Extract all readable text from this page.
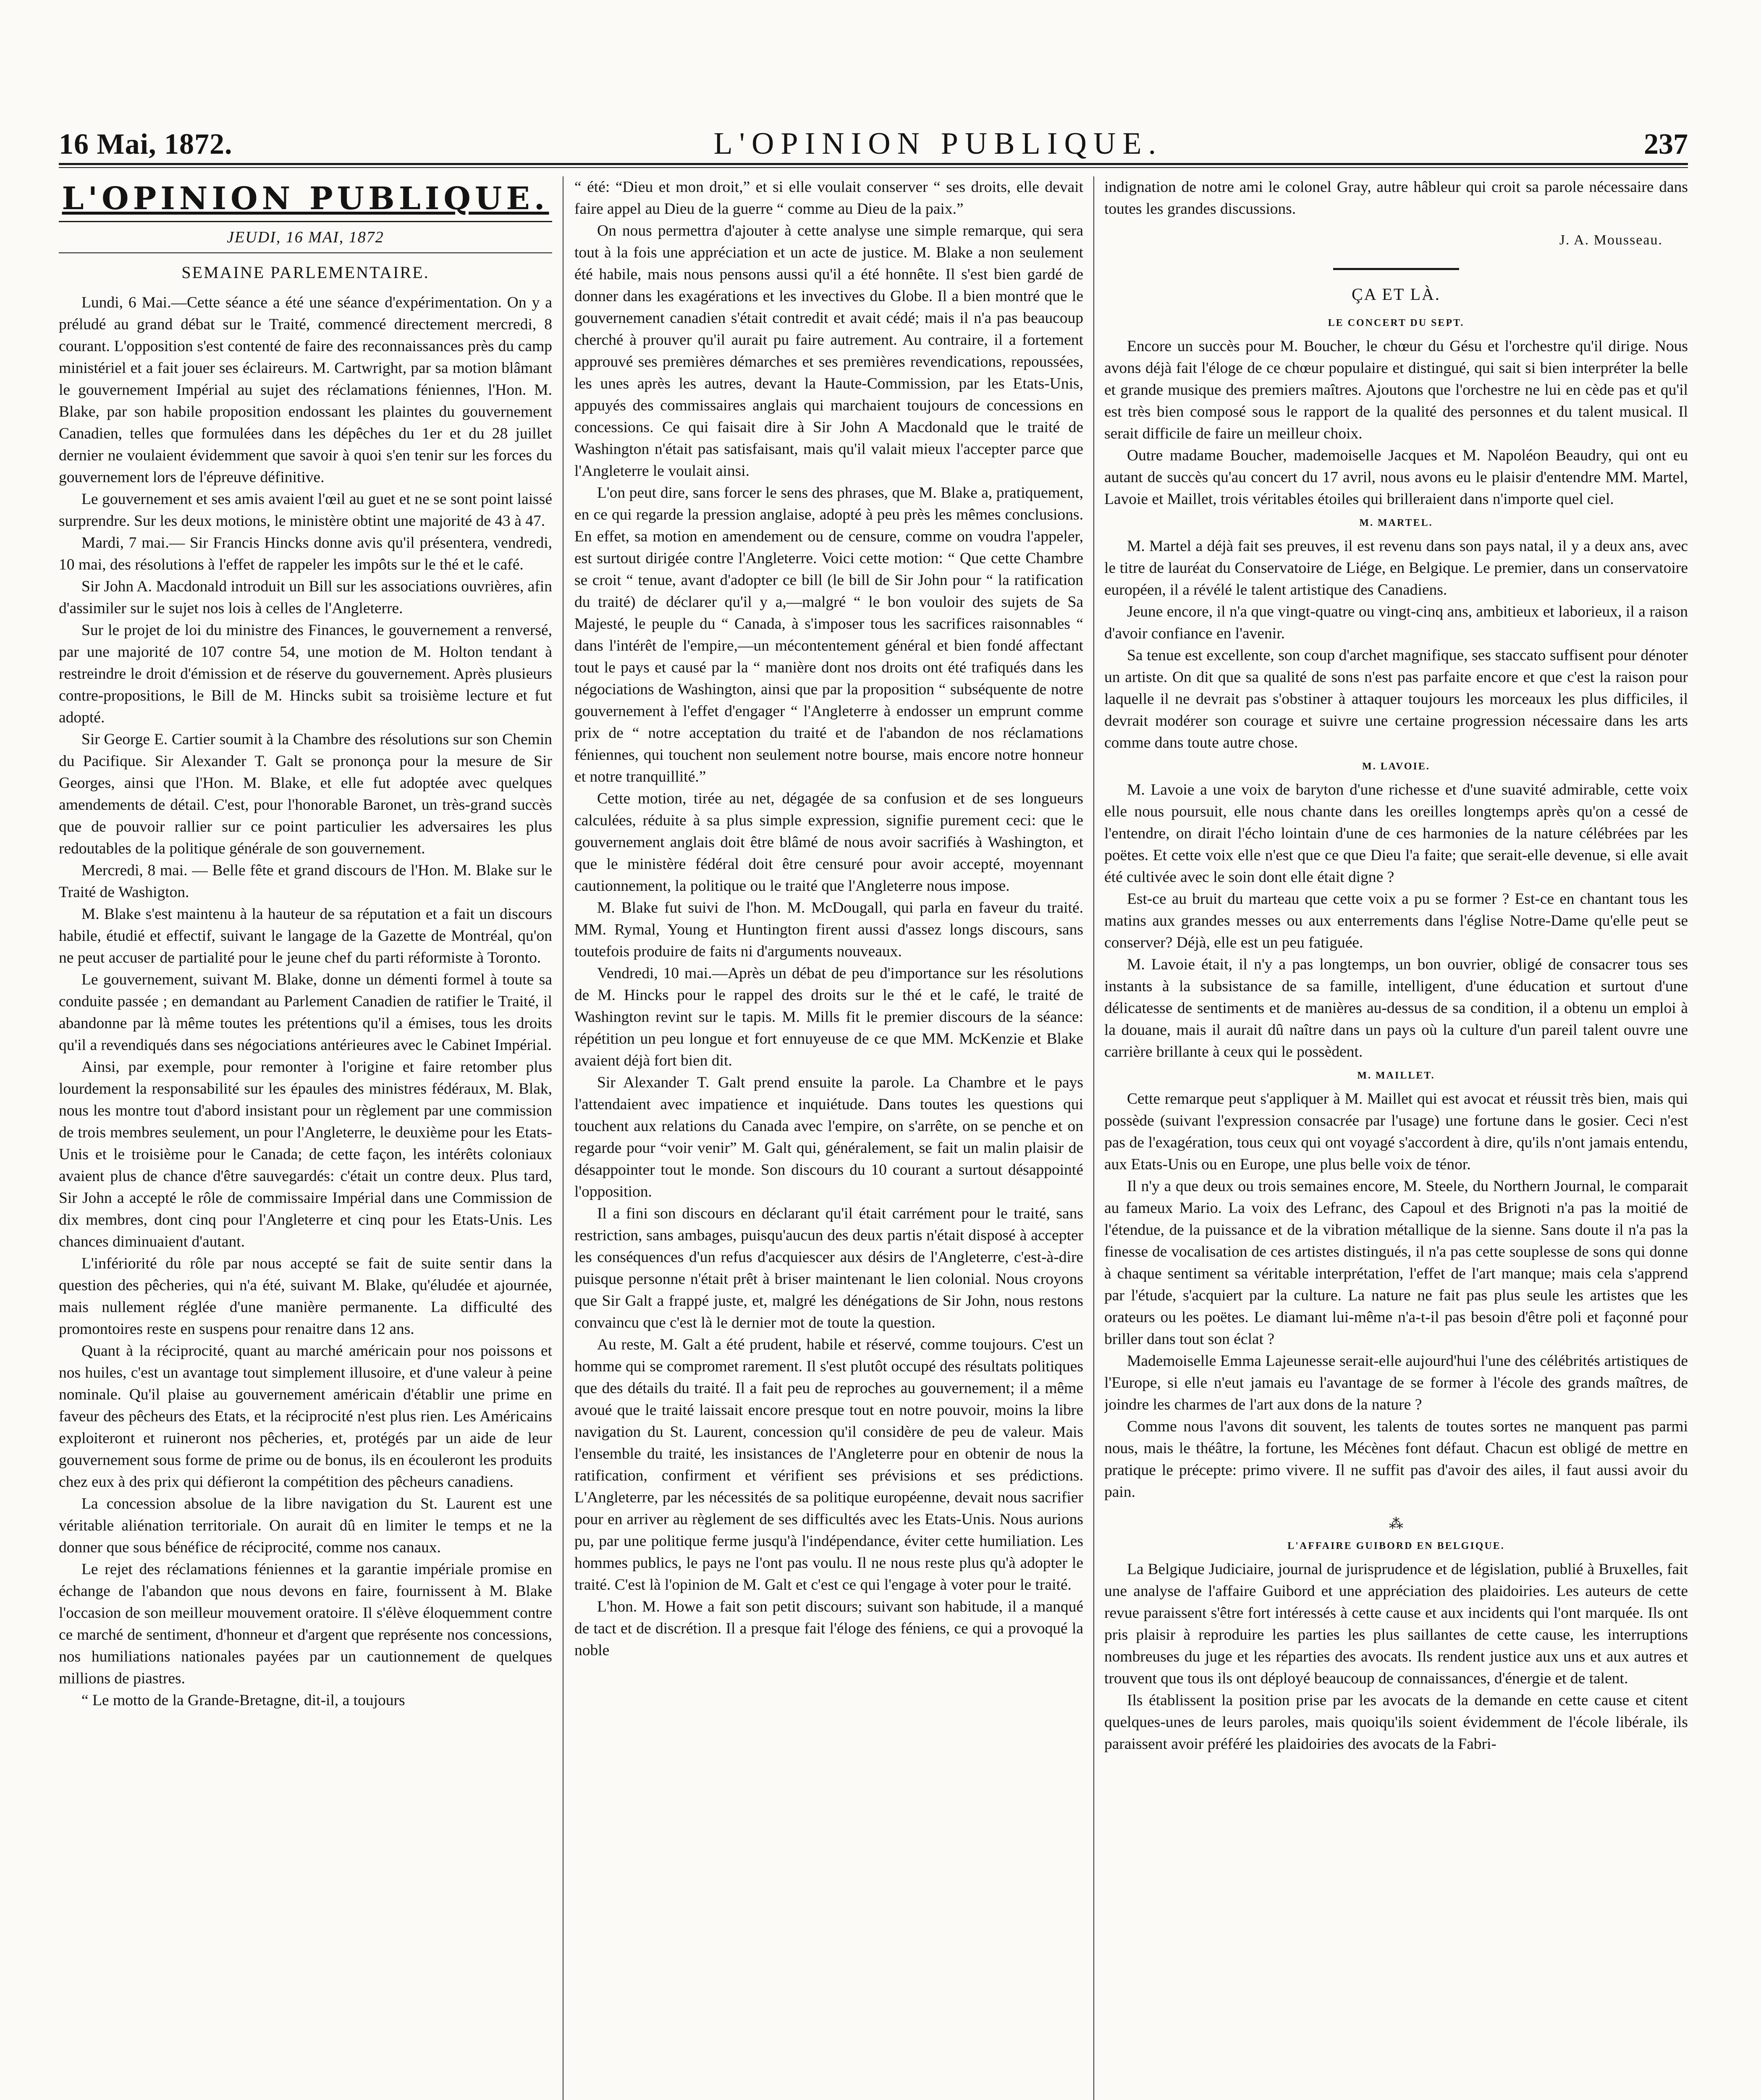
16 Mai, 1872.	L'OPINION PUBLIQUE.	237
L'OPINION PUBLIQUE.
JEUDI, 16 MAI, 1872
SEMAINE PARLEMENTAIRE.

Lundi, 6 Mai.—Cette séance a été une séance d'expérimentation. On y a préludé au grand débat sur le Traité, commencé directement mercredi, 8 courant. L'opposition s'est contenté de faire des reconnaissances près du camp ministériel et a fait jouer ses éclaireurs. M. Cartwright, par sa motion blâmant le gouvernement Impérial au sujet des réclamations féniennes, l'Hon. M. Blake, par son habile proposition endossant les plaintes du gouvernement Canadien, telles que formulées dans les dépêches du 1er et du 28 juillet dernier ne voulaient évidemment que savoir à quoi s'en tenir sur les forces du gouvernement lors de l'épreuve définitive.

Le gouvernement et ses amis avaient l'œil au guet et ne se sont point laissé surprendre. Sur les deux motions, le ministère obtint une majorité de 43 à 47.

Mardi, 7 mai.— Sir Francis Hincks donne avis qu'il présentera, vendredi, 10 mai, des résolutions à l'effet de rappeler les impôts sur le thé et le café.

Sir John A. Macdonald introduit un Bill sur les associations ouvrières, afin d'assimiler sur le sujet nos lois à celles de l'Angleterre.

Sur le projet de loi du ministre des Finances, le gouvernement a renversé, par une majorité de 107 contre 54, une motion de M. Holton tendant à restreindre le droit d'émission et de réserve du gouvernement. Après plusieurs contre-propositions, le Bill de M. Hincks subit sa troisième lecture et fut adopté.

Sir George E. Cartier soumit à la Chambre des résolutions sur son Chemin du Pacifique. Sir Alexander T. Galt se prononça pour la mesure de Sir Georges, ainsi que l'Hon. M. Blake, et elle fut adoptée avec quelques amendements de détail. C'est, pour l'honorable Baronet, un très-grand succès que de pouvoir rallier sur ce point particulier les adversaires les plus redoutables de la politique générale de son gouvernement.

Mercredi, 8 mai. — Belle fête et grand discours de l'Hon. M. Blake sur le Traité de Washigton.

M. Blake s'est maintenu à la hauteur de sa réputation et a fait un discours habile, étudié et effectif, suivant le langage de la Gazette de Montréal, qu'on ne peut accuser de partialité pour le jeune chef du parti réformiste à Toronto.

Le gouvernement, suivant M. Blake, donne un démenti formel à toute sa conduite passée ; en demandant au Parlement Canadien de ratifier le Traité, il abandonne par là même toutes les prétentions qu'il a émises, tous les droits qu'il a revendiqués dans ses négociations antérieures avec le Cabinet Impérial.

Ainsi, par exemple, pour remonter à l'origine et faire retomber plus lourdement la responsabilité sur les épaules des ministres fédéraux, M. Blak, nous les montre tout d'abord insistant pour un règlement par une commission de trois membres seulement, un pour l'Angleterre, le deuxième pour les Etats-Unis et le troisième pour le Canada; de cette façon, les intérêts coloniaux avaient plus de chance d'être sauvegardés: c'était un contre deux. Plus tard, Sir John a accepté le rôle de commissaire Impérial dans une Commission de dix membres, dont cinq pour l'Angleterre et cinq pour les Etats-Unis. Les chances diminuaient d'autant.

L'infériorité du rôle par nous accepté se fait de suite sentir dans la question des pêcheries, qui n'a été, suivant M. Blake, qu'éludée et ajournée, mais nullement réglée d'une manière permanente. La difficulté des promontoires reste en suspens pour renaitre dans 12 ans.

Quant à la réciprocité, quant au marché américain pour nos poissons et nos huiles, c'est un avantage tout simplement illusoire, et d'une valeur à peine nominale. Qu'il plaise au gouvernement américain d'établir une prime en faveur des pêcheurs des Etats, et la réciprocité n'est plus rien. Les Américains exploiteront et ruineront nos pêcheries, et, protégés par un aide de leur gouvernement sous forme de prime ou de bonus, ils en écouleront les produits chez eux à des prix qui défieront la compétition des pêcheurs canadiens.

La concession absolue de la libre navigation du St. Laurent est une véritable aliénation territoriale. On aurait dû en limiter le temps et ne la donner que sous bénéfice de réciprocité, comme nos canaux.

Le rejet des réclamations féniennes et la garantie impériale promise en échange de l'abandon que nous devons en faire, fournissent à M. Blake l'occasion de son meilleur mouvement oratoire. Il s'élève éloquemment contre ce marché de sentiment, d'honneur et d'argent que représente nos concessions, nos humiliations nationales payées par un cautionnement de quelques millions de piastres.

“ Le motto de la Grande-Bretagne, dit-il, a toujours

“ été: “Dieu et mon droit,” et si elle voulait conserver “ ses droits, elle devait faire appel au Dieu de la guerre “ comme au Dieu de la paix.”

On nous permettra d'ajouter à cette analyse une simple remarque, qui sera tout à la fois une appréciation et un acte de justice. M. Blake a non seulement été habile, mais nous pensons aussi qu'il a été honnête. Il s'est bien gardé de donner dans les exagérations et les invectives du Globe. Il a bien montré que le gouvernement canadien s'était contredit et avait cédé; mais il n'a pas beaucoup cherché à prouver qu'il aurait pu faire autrement. Au contraire, il a fortement approuvé ses premières démarches et ses premières revendications, repoussées, les unes après les autres, devant la Haute-Commission, par les Etats-Unis, appuyés des commissaires anglais qui marchaient toujours de concessions en concessions. Ce qui faisait dire à Sir John A Macdonald que le traité de Washington n'était pas satisfaisant, mais qu'il valait mieux l'accepter parce que l'Angleterre le voulait ainsi.

L'on peut dire, sans forcer le sens des phrases, que M. Blake a, pratiquement, en ce qui regarde la pression anglaise, adopté à peu près les mêmes conclusions. En effet, sa motion en amendement ou de censure, comme on voudra l'appeler, est surtout dirigée contre l'Angleterre. Voici cette motion: “ Que cette Chambre se croit “ tenue, avant d'adopter ce bill (le bill de Sir John pour “ la ratification du traité) de déclarer qu'il y a,—malgré “ le bon vouloir des sujets de Sa Majesté, le peuple du “ Canada, à s'imposer tous les sacrifices raisonnables “ dans l'intérêt de l'empire,—un mécontentement général et bien fondé affectant tout le pays et causé par la “ manière dont nos droits ont été trafiqués dans les négociations de Washington, ainsi que par la proposition “ subséquente de notre gouvernement à l'effet d'engager “ l'Angleterre à endosser un emprunt comme prix de “ notre acceptation du traité et de l'abandon de nos réclamations féniennes, qui touchent non seulement notre bourse, mais encore notre honneur et notre tranquillité.”

Cette motion, tirée au net, dégagée de sa confusion et de ses longueurs calculées, réduite à sa plus simple expression, signifie purement ceci: que le gouvernement anglais doit être blâmé de nous avoir sacrifiés à Washington, et que le ministère fédéral doit être censuré pour avoir accepté, moyennant cautionnement, la politique ou le traité que l'Angleterre nous impose.

M. Blake fut suivi de l'hon. M. McDougall, qui parla en faveur du traité. MM. Rymal, Young et Huntington firent aussi d'assez longs discours, sans toutefois produire de faits ni d'arguments nouveaux.

Vendredi, 10 mai.—Après un débat de peu d'importance sur les résolutions de M. Hincks pour le rappel des droits sur le thé et le café, le traité de Washington revint sur le tapis. M. Mills fit le premier discours de la séance: répétition un peu longue et fort ennuyeuse de ce que MM. McKenzie et Blake avaient déjà fort bien dit.

Sir Alexander T. Galt prend ensuite la parole. La Chambre et le pays l'attendaient avec impatience et inquiétude. Dans toutes les questions qui touchent aux relations du Canada avec l'empire, on s'arrête, on se penche et on regarde pour “voir venir” M. Galt qui, généralement, se fait un malin plaisir de désappointer tout le monde. Son discours du 10 courant a surtout désappointé l'opposition.

Il a fini son discours en déclarant qu'il était carrément pour le traité, sans restriction, sans ambages, puisqu'aucun des deux partis n'était disposé à accepter les conséquences d'un refus d'acquiescer aux désirs de l'Angleterre, c'est-à-dire puisque personne n'était prêt à briser maintenant le lien colonial. Nous croyons que Sir Galt a frappé juste, et, malgré les dénégations de Sir John, nous restons convaincu que c'est là le dernier mot de toute la question.

Au reste, M. Galt a été prudent, habile et réservé, comme toujours. C'est un homme qui se compromet rarement. Il s'est plutôt occupé des résultats politiques que des détails du traité. Il a fait peu de reproches au gouvernement; il a même avoué que le traité laissait encore presque tout en notre pouvoir, moins la libre navigation du St. Laurent, concession qu'il considère de peu de valeur. Mais l'ensemble du traité, les insistances de l'Angleterre pour en obtenir de nous la ratification, confirment et vérifient ses prévisions et ses prédictions. L'Angleterre, par les nécessités de sa politique européenne, devait nous sacrifier pour en arriver au règlement de ses difficultés avec les Etats-Unis. Nous aurions pu, par une politique ferme jusqu'à l'indépendance, éviter cette humiliation. Les hommes publics, le pays ne l'ont pas voulu. Il ne nous reste plus qu'à adopter le traité. C'est là l'opinion de M. Galt et c'est ce qui l'engage à voter pour le traité.

L'hon. M. Howe a fait son petit discours; suivant son habitude, il a manqué de tact et de discrétion. Il a presque fait l'éloge des féniens, ce qui a provoqué la noble

indignation de notre ami le colonel Gray, autre hâbleur qui croit sa parole nécessaire dans toutes les grandes discussions.

J. A. Mousseau.
ÇA ET LÀ.
LE CONCERT DU SEPT.

Encore un succès pour M. Boucher, le chœur du Gésu et l'orchestre qu'il dirige. Nous avons déjà fait l'éloge de ce chœur populaire et distingué, qui sait si bien interpréter la belle et grande musique des premiers maîtres. Ajoutons que l'orchestre ne lui en cède pas et qu'il est très bien composé sous le rapport de la qualité des personnes et du talent musical. Il serait difficile de faire un meilleur choix.

Outre madame Boucher, mademoiselle Jacques et M. Napoléon Beaudry, qui ont eu autant de succès qu'au concert du 17 avril, nous avons eu le plaisir d'entendre MM. Martel, Lavoie et Maillet, trois véritables étoiles qui brilleraient dans n'importe quel ciel.

M. MARTEL.

M. Martel a déjà fait ses preuves, il est revenu dans son pays natal, il y a deux ans, avec le titre de lauréat du Conservatoire de Liége, en Belgique. Le premier, dans un conservatoire européen, il a révélé le talent artistique des Canadiens.

Jeune encore, il n'a que vingt-quatre ou vingt-cinq ans, ambitieux et laborieux, il a raison d'avoir confiance en l'avenir.

Sa tenue est excellente, son coup d'archet magnifique, ses staccato suffisent pour dénoter un artiste. On dit que sa qualité de sons n'est pas parfaite encore et que c'est la raison pour laquelle il ne devrait pas s'obstiner à attaquer toujours les morceaux les plus difficiles, il devrait modérer son courage et suivre une certaine progression nécessaire dans les arts comme dans toute autre chose.

M. LAVOIE.

M. Lavoie a une voix de baryton d'une richesse et d'une suavité admirable, cette voix elle nous poursuit, elle nous chante dans les oreilles longtemps après qu'on a cessé de l'entendre, on dirait l'écho lointain d'une de ces harmonies de la nature célébrées par les poëtes. Et cette voix elle n'est que ce que Dieu l'a faite; que serait-elle devenue, si elle avait été cultivée avec le soin dont elle était digne ?

Est-ce au bruit du marteau que cette voix a pu se former ? Est-ce en chantant tous les matins aux grandes messes ou aux enterrements dans l'église Notre-Dame qu'elle peut se conserver? Déjà, elle est un peu fatiguée.

M. Lavoie était, il n'y a pas longtemps, un bon ouvrier, obligé de consacrer tous ses instants à la subsistance de sa famille, intelligent, d'une éducation et surtout d'une délicatesse de sentiments et de manières au-dessus de sa condition, il a obtenu un emploi à la douane, mais il aurait dû naître dans un pays où la culture d'un pareil talent ouvre une carrière brillante à ceux qui le possèdent.

M. MAILLET.

Cette remarque peut s'appliquer à M. Maillet qui est avocat et réussit très bien, mais qui possède (suivant l'expression consacrée par l'usage) une fortune dans le gosier. Ceci n'est pas de l'exagération, tous ceux qui ont voyagé s'accordent à dire, qu'ils n'ont jamais entendu, aux Etats-Unis ou en Europe, une plus belle voix de ténor.

Il n'y a que deux ou trois semaines encore, M. Steele, du Northern Journal, le comparait au fameux Mario. La voix des Lefranc, des Capoul et des Brignoti n'a pas la moitié de l'étendue, de la puissance et de la vibration métallique de la sienne. Sans doute il n'a pas la finesse de vocalisation de ces artistes distingués, il n'a pas cette souplesse de sons qui donne à chaque sentiment sa véritable interprétation, l'effet de l'art manque; mais cela s'apprend par l'étude, s'acquiert par la culture. La nature ne fait pas plus seule les artistes que les orateurs ou les poëtes. Le diamant lui-même n'a-t-il pas besoin d'être poli et façonné pour briller dans tout son éclat ?

Mademoiselle Emma Lajeunesse serait-elle aujourd'hui l'une des célébrités artistiques de l'Europe, si elle n'eut jamais eu l'avantage de se former à l'école des grands maîtres, de joindre les charmes de l'art aux dons de la nature ?

Comme nous l'avons dit souvent, les talents de toutes sortes ne manquent pas parmi nous, mais le théâtre, la fortune, les Mécènes font défaut. Chacun est obligé de mettre en pratique le précepte: primo vivere. Il ne suffit pas d'avoir des ailes, il faut aussi avoir du pain.

⁂
L'AFFAIRE GUIBORD EN BELGIQUE.

La Belgique Judiciaire, journal de jurisprudence et de législation, publié à Bruxelles, fait une analyse de l'affaire Guibord et une appréciation des plaidoiries. Les auteurs de cette revue paraissent s'être fort intéressés à cette cause et aux incidents qui l'ont marquée. Ils ont pris plaisir à reproduire les parties les plus saillantes de cette cause, les interruptions nombreuses du juge et les réparties des avocats. Ils rendent justice aux uns et aux autres et trouvent que tous ils ont déployé beaucoup de connaissances, d'énergie et de talent.

Ils établissent la position prise par les avocats de la demande en cette cause et citent quelques-unes de leurs paroles, mais quoiqu'ils soient évidemment de l'école libérale, ils paraissent avoir préféré les plaidoiries des avocats de la Fabri-
